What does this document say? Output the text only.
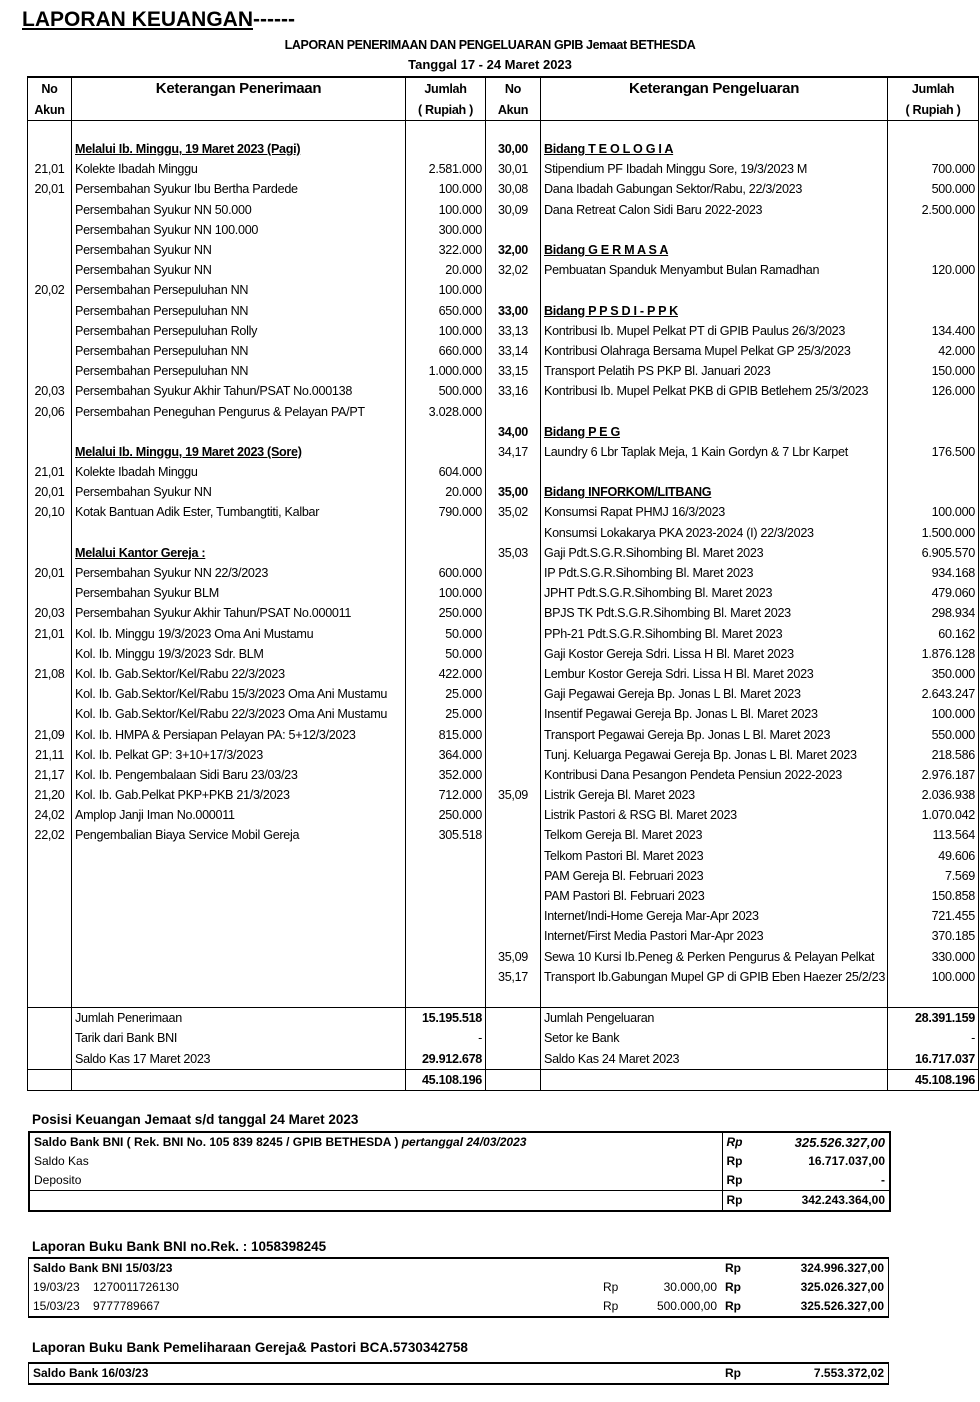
LAPORAN KEUANGAN------
LAPORAN PENERIMAAN DAN PENGELUARAN GPIB Jemaat BETHESDA
Tanggal 17 - 24 Maret 2023
No	Keterangan Penerimaan	Jumlah	No	Keterangan Pengeluaran	Jumlah
Akun		( Rupiah )	Akun		( Rupiah )

	Melalui Ib. Minggu, 19 Maret 2023 (Pagi)		30,00	Bidang T E O L O G I A	
21,01	Kolekte Ibadah Minggu	2.581.000	30,01	Stipendium PF Ibadah Minggu Sore, 19/3/2023 M	700.000
20,01	Persembahan Syukur Ibu Bertha Pardede	100.000	30,08	Dana Ibadah Gabungan Sektor/Rabu, 22/3/2023	500.000
	Persembahan Syukur NN 50.000	100.000	30,09	Dana Retreat Calon Sidi Baru 2022-2023	2.500.000
	Persembahan Syukur NN 100.000	300.000			
	Persembahan Syukur NN	322.000	32,00	Bidang G E R M A S A	
	Persembahan Syukur NN	20.000	32,02	Pembuatan Spanduk Menyambut Bulan Ramadhan	120.000
20,02	Persembahan Persepuluhan NN	100.000			
	Persembahan Persepuluhan NN	650.000	33,00	Bidang P P S D I - P P K	
	Persembahan Persepuluhan Rolly	100.000	33,13	Kontribusi Ib. Mupel Pelkat PT di GPIB Paulus 26/3/2023	134.400
	Persembahan Persepuluhan NN	660.000	33,14	Kontribusi Olahraga Bersama Mupel Pelkat GP 25/3/2023	42.000
	Persembahan Persepuluhan NN	1.000.000	33,15	Transport Pelatih PS PKP Bl. Januari 2023	150.000
20,03	Persembahan Syukur Akhir Tahun/PSAT No.000138	500.000	33,16	Kontribusi Ib. Mupel Pelkat PKB di GPIB Betlehem 25/3/2023	126.000
20,06	Persembahan Peneguhan Pengurus & Pelayan PA/PT	3.028.000			
			34,00	Bidang P E G	
	Melalui Ib. Minggu, 19 Maret 2023 (Sore)		34,17	Laundry 6 Lbr Taplak Meja, 1 Kain Gordyn & 7 Lbr Karpet	176.500
21,01	Kolekte Ibadah Minggu	604.000			
20,01	Persembahan Syukur NN	20.000	35,00	Bidang INFORKOM/LITBANG	
20,10	Kotak Bantuan Adik Ester, Tumbangtiti, Kalbar	790.000	35,02	Konsumsi Rapat PHMJ 16/3/2023	100.000
				Konsumsi Lokakarya PKA 2023-2024 (I) 22/3/2023	1.500.000
	Melalui Kantor Gereja :		35,03	Gaji Pdt.S.G.R.Sihombing Bl. Maret 2023	6.905.570
20,01	Persembahan Syukur NN 22/3/2023	600.000		IP Pdt.S.G.R.Sihombing Bl. Maret 2023	934.168
	Persembahan Syukur BLM	100.000		JPHT Pdt.S.G.R.Sihombing Bl. Maret 2023	479.060
20,03	Persembahan Syukur Akhir Tahun/PSAT No.000011	250.000		BPJS TK Pdt.S.G.R.Sihombing Bl. Maret 2023	298.934
21,01	Kol. Ib. Minggu 19/3/2023 Oma Ani Mustamu	50.000		PPh-21 Pdt.S.G.R.Sihombing Bl. Maret 2023	60.162
	Kol. Ib. Minggu 19/3/2023 Sdr. BLM	50.000		Gaji Kostor Gereja Sdri. Lissa H Bl. Maret 2023	1.876.128
21,08	Kol. Ib. Gab.Sektor/Kel/Rabu 22/3/2023	422.000		Lembur Kostor Gereja Sdri. Lissa H Bl. Maret 2023	350.000
	Kol. Ib. Gab.Sektor/Kel/Rabu 15/3/2023 Oma Ani Mustamu	25.000		Gaji Pegawai Gereja Bp. Jonas L Bl. Maret 2023	2.643.247
	Kol. Ib. Gab.Sektor/Kel/Rabu 22/3/2023 Oma Ani Mustamu	25.000		Insentif Pegawai Gereja Bp. Jonas L Bl. Maret 2023	100.000
21,09	Kol. Ib. HMPA & Persiapan Pelayan PA: 5+12/3/2023	815.000		Transport Pegawai Gereja Bp. Jonas L Bl. Maret 2023	550.000
21,11	Kol. Ib. Pelkat GP: 3+10+17/3/2023	364.000		Tunj. Keluarga Pegawai Gereja Bp. Jonas L Bl. Maret 2023	218.586
21,17	Kol. Ib. Pengembalaan Sidi Baru 23/03/23	352.000		Kontribusi Dana Pesangon Pendeta Pensiun 2022-2023	2.976.187
21,20	Kol. Ib. Gab.Pelkat PKP+PKB 21/3/2023	712.000	35,09	Listrik Gereja Bl. Maret 2023	2.036.938
24,02	Amplop Janji Iman No.000011	250.000		Listrik Pastori & RSG Bl. Maret 2023	1.070.042
22,02	Pengembalian Biaya Service Mobil Gereja	305.518		Telkom Gereja Bl. Maret 2023	113.564
				Telkom Pastori Bl. Maret 2023	49.606
				PAM Gereja Bl. Februari 2023	7.569
				PAM Pastori Bl. Februari 2023	150.858
				Internet/Indi-Home Gereja Mar-Apr 2023	721.455
				Internet/First Media Pastori Mar-Apr 2023	370.185
			35,09	Sewa 10 Kursi Ib.Peneg & Perken Pengurus & Pelayan Pelkat	330.000
			35,17	Transport Ib.Gabungan Mupel GP di GPIB Eben Haezer 25/2/23	100.000

	Jumlah Penerimaan	15.195.518		Jumlah Pengeluaran	28.391.159
	Tarik dari Bank BNI	-		Setor ke Bank	-
	Saldo Kas 17 Maret 2023	29.912.678		Saldo Kas 24 Maret 2023	16.717.037
		45.108.196			45.108.196
Posisi Keuangan Jemaat s/d tanggal 24 Maret 2023
Saldo Bank BNI ( Rek. BNI No. 105 839 8245 / GPIB BETHESDA ) pertanggal 24/03/2023	Rp	325.526.327,00
Saldo Kas	Rp	16.717.037,00
Deposito	Rp	-
	Rp	342.243.364,00
Laporan Buku Bank BNI no.Rek. : 1058398245
Saldo Bank BNI 15/03/23				Rp	324.996.327,00
19/03/23	1270011726130	Rp	30.000,00	Rp	325.026.327,00
15/03/23	9777789667	Rp	500.000,00	Rp	325.526.327,00
Laporan Buku Bank Pemeliharaan Gereja& Pastori BCA.5730342758
Saldo Bank 16/03/23	Rp	7.553.372,02
